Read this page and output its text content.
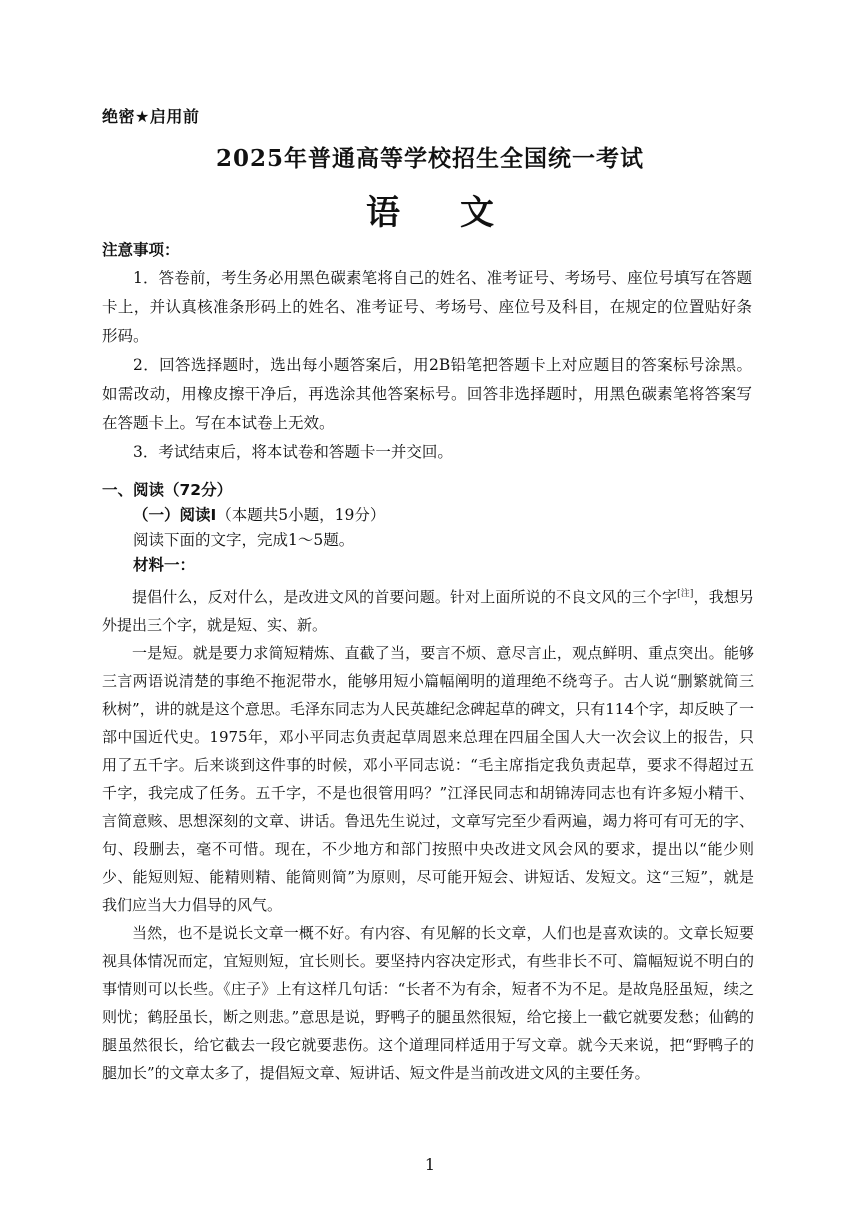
绝密★启用前
2025年普通高等学校招生全国统一考试
语文
注意事项：

1．答卷前，考生务必用黑色碳素笔将自己的姓名、准考证号、考场号、座位号填写在答题卡上，并认真核准条形码上的姓名、准考证号、考场号、座位号及科目，在规定的位置贴好条形码。

2．回答选择题时，选出每小题答案后，用2B铅笔把答题卡上对应题目的答案标号涂黑。如需改动，用橡皮擦干净后，再选涂其他答案标号。回答非选择题时，用黑色碳素笔将答案写在答题卡上。写在本试卷上无效。

3．考试结束后，将本试卷和答题卡一并交回。

一、阅读（72分）
（一）阅读Ⅰ（本题共5小题，19分）
阅读下面的文字，完成1～5题。
材料一：

提倡什么，反对什么，是改进文风的首要问题。针对上面所说的不良文风的三个字[注]，我想另外提出三个字，就是短、实、新。

一是短。就是要力求简短精炼、直截了当，要言不烦、意尽言止，观点鲜明、重点突出。能够三言两语说清楚的事绝不拖泥带水，能够用短小篇幅阐明的道理绝不绕弯子。古人说“删繁就简三秋树”，讲的就是这个意思。毛泽东同志为人民英雄纪念碑起草的碑文，只有114个字，却反映了一部中国近代史。1975年，邓小平同志负责起草周恩来总理在四届全国人大一次会议上的报告，只用了五千字。后来谈到这件事的时候，邓小平同志说：“毛主席指定我负责起草，要求不得超过五千字，我完成了任务。五千字，不是也很管用吗？”江泽民同志和胡锦涛同志也有许多短小精干、言简意赅、思想深刻的文章、讲话。鲁迅先生说过，文章写完至少看两遍，竭力将可有可无的字、句、段删去，毫不可惜。现在，不少地方和部门按照中央改进文风会风的要求，提出以“能少则少、能短则短、能精则精、能简则简”为原则，尽可能开短会、讲短话、发短文。这“三短”，就是我们应当大力倡导的风气。

当然，也不是说长文章一概不好。有内容、有见解的长文章，人们也是喜欢读的。文章长短要视具体情况而定，宜短则短，宜长则长。要坚持内容决定形式，有些非长不可、篇幅短说不明白的事情则可以长些。《庄子》上有这样几句话：“长者不为有余，短者不为不足。是故凫胫虽短，续之则忧；鹤胫虽长，断之则悲。”意思是说，野鸭子的腿虽然很短，给它接上一截它就要发愁；仙鹤的腿虽然很长，给它截去一段它就要悲伤。这个道理同样适用于写文章。就今天来说，把“野鸭子的腿加长”的文章太多了，提倡短文章、短讲话、短文件是当前改进文风的主要任务。

1
